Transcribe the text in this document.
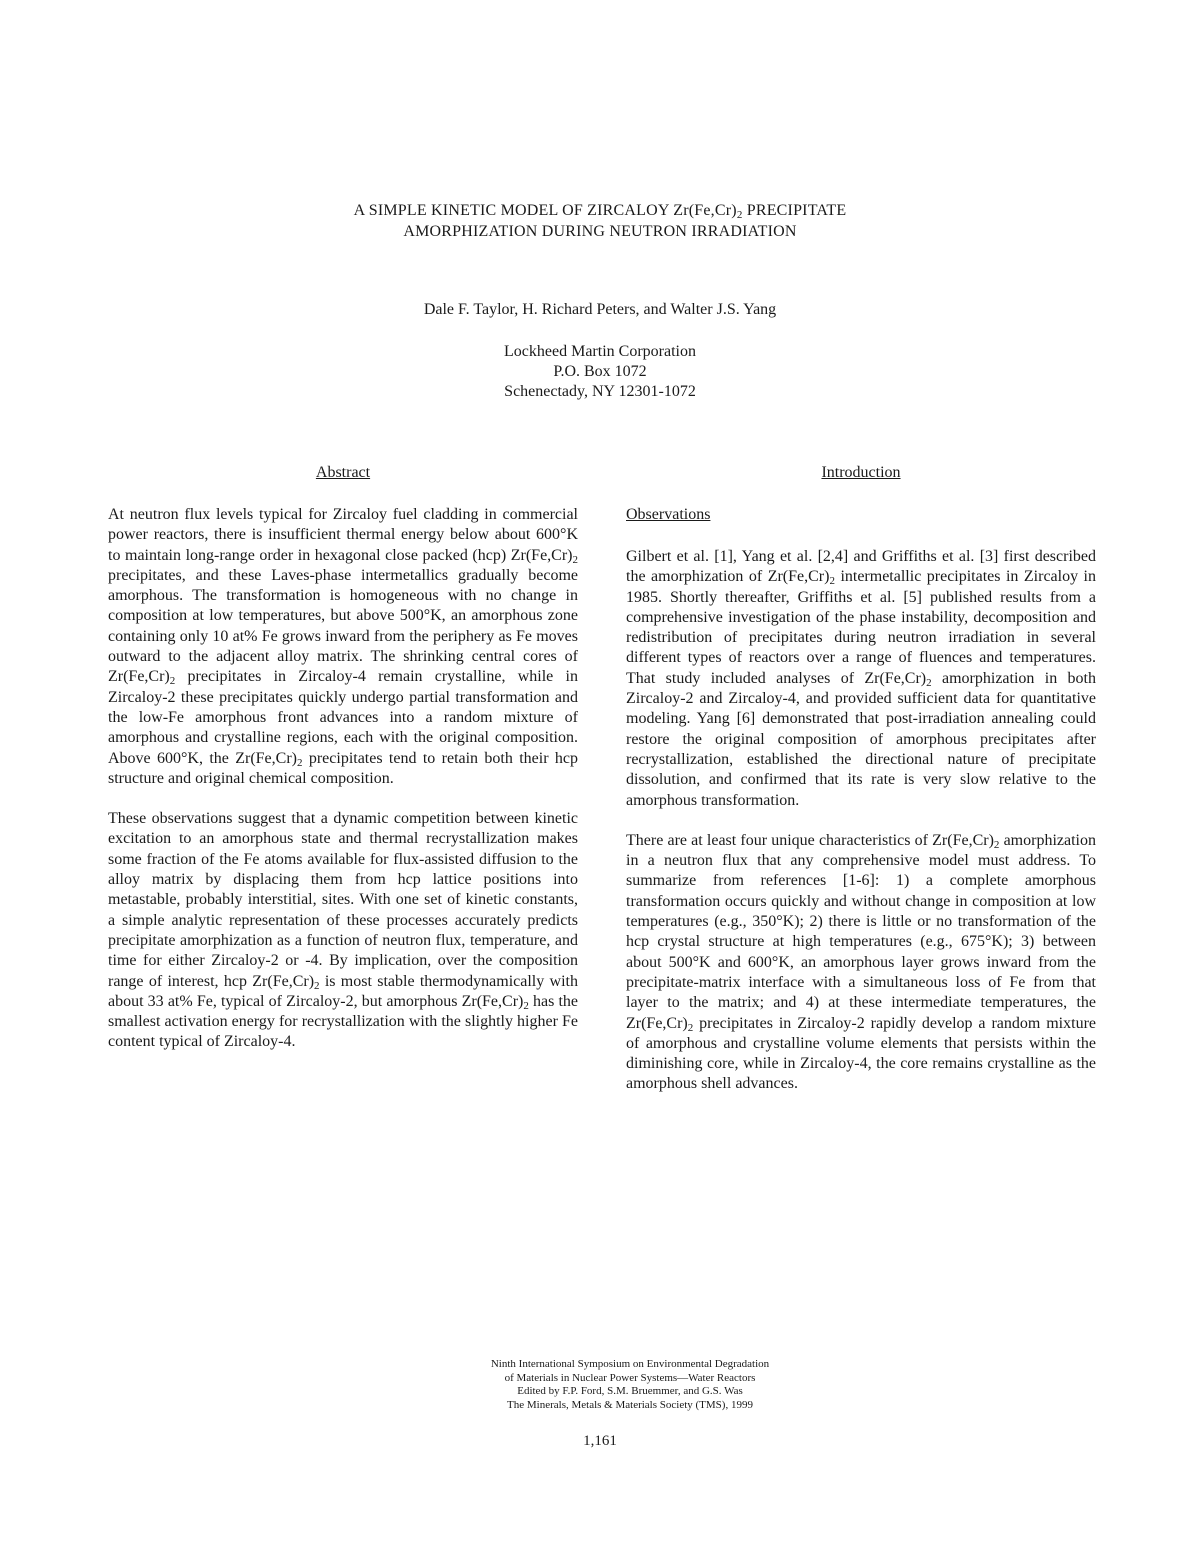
A SIMPLE KINETIC MODEL OF ZIRCALOY $Zr(Fe,Cr)_2$ PRECIPITATE
AMORPHIZATION DURING NEUTRON IRRADIATION
Dale F. Taylor, H. Richard Peters, and Walter J.S. Yang
Lockheed Martin Corporation
P.O. Box 1072
Schenectady, NY 12301-1072
Abstract

At neutron flux levels typical for Zircaloy fuel cladding in commercial power reactors, there is insufficient thermal energy below about 600°K to maintain long-range order in hexagonal close packed (hcp) $Zr(Fe,Cr)_2$ precipitates, and these Laves-phase intermetallics gradually become amorphous. The transformation is homogeneous with no change in composition at low temperatures, but above 500°K, an amorphous zone containing only 10 at% Fe grows inward from the periphery as Fe moves outward to the adjacent alloy matrix. The shrinking central cores of $Zr(Fe,Cr)_2$ precipitates in Zircaloy-4 remain crystalline, while in Zircaloy-2 these precipitates quickly undergo partial transformation and the low-Fe amorphous front advances into a random mixture of amorphous and crystalline regions, each with the original composition. Above 600°K, the $Zr(Fe,Cr)_2$ precipitates tend to retain both their hcp structure and original chemical composition.

These observations suggest that a dynamic competition between kinetic excitation to an amorphous state and thermal recrystallization makes some fraction of the Fe atoms available for flux-assisted diffusion to the alloy matrix by displacing them from hcp lattice positions into metastable, probably interstitial, sites. With one set of kinetic constants, a simple analytic representation of these processes accurately predicts precipitate amorphization as a function of neutron flux, temperature, and time for either Zircaloy-2 or -4. By implication, over the composition range of interest, hcp $Zr(Fe,Cr)_2$ is most stable thermodynamically with about 33 at% Fe, typical of Zircaloy-2, but amorphous $Zr(Fe,Cr)_2$ has the smallest activation energy for recrystallization with the slightly higher Fe content typical of Zircaloy-4.

Introduction
Observations

Gilbert et al. [1], Yang et al. [2,4] and Griffiths et al. [3] first described the amorphization of $Zr(Fe,Cr)_2$ intermetallic precipitates in Zircaloy in 1985. Shortly thereafter, Griffiths et al. [5] published results from a comprehensive investigation of the phase instability, decomposition and redistribution of precipitates during neutron irradiation in several different types of reactors over a range of fluences and temperatures. That study included analyses of $Zr(Fe,Cr)_2$ amorphization in both Zircaloy-2 and Zircaloy-4, and provided sufficient data for quantitative modeling. Yang [6] demonstrated that post-irradiation annealing could restore the original composition of amorphous precipitates after recrystallization, established the directional nature of precipitate dissolution, and confirmed that its rate is very slow relative to the amorphous transformation.

There are at least four unique characteristics of $Zr(Fe,Cr)_2$ amorphization in a neutron flux that any comprehensive model must address. To summarize from references [1-6]: 1) a complete amorphous transformation occurs quickly and without change in composition at low temperatures (e.g., 350°K); 2) there is little or no transformation of the hcp crystal structure at high temperatures (e.g., 675°K); 3) between about 500°K and 600°K, an amorphous layer grows inward from the precipitate-matrix interface with a simultaneous loss of Fe from that layer to the matrix; and 4) at these intermediate temperatures, the $Zr(Fe,Cr)_2$ precipitates in Zircaloy-2 rapidly develop a random mixture of amorphous and crystalline volume elements that persists within the diminishing core, while in Zircaloy-4, the core remains crystalline as the amorphous shell advances.

Ninth International Symposium on Environmental Degradation
of Materials in Nuclear Power Systems—Water Reactors
Edited by F.P. Ford, S.M. Bruemmer, and G.S. Was
The Minerals, Metals & Materials Society (TMS), 1999
1,161
